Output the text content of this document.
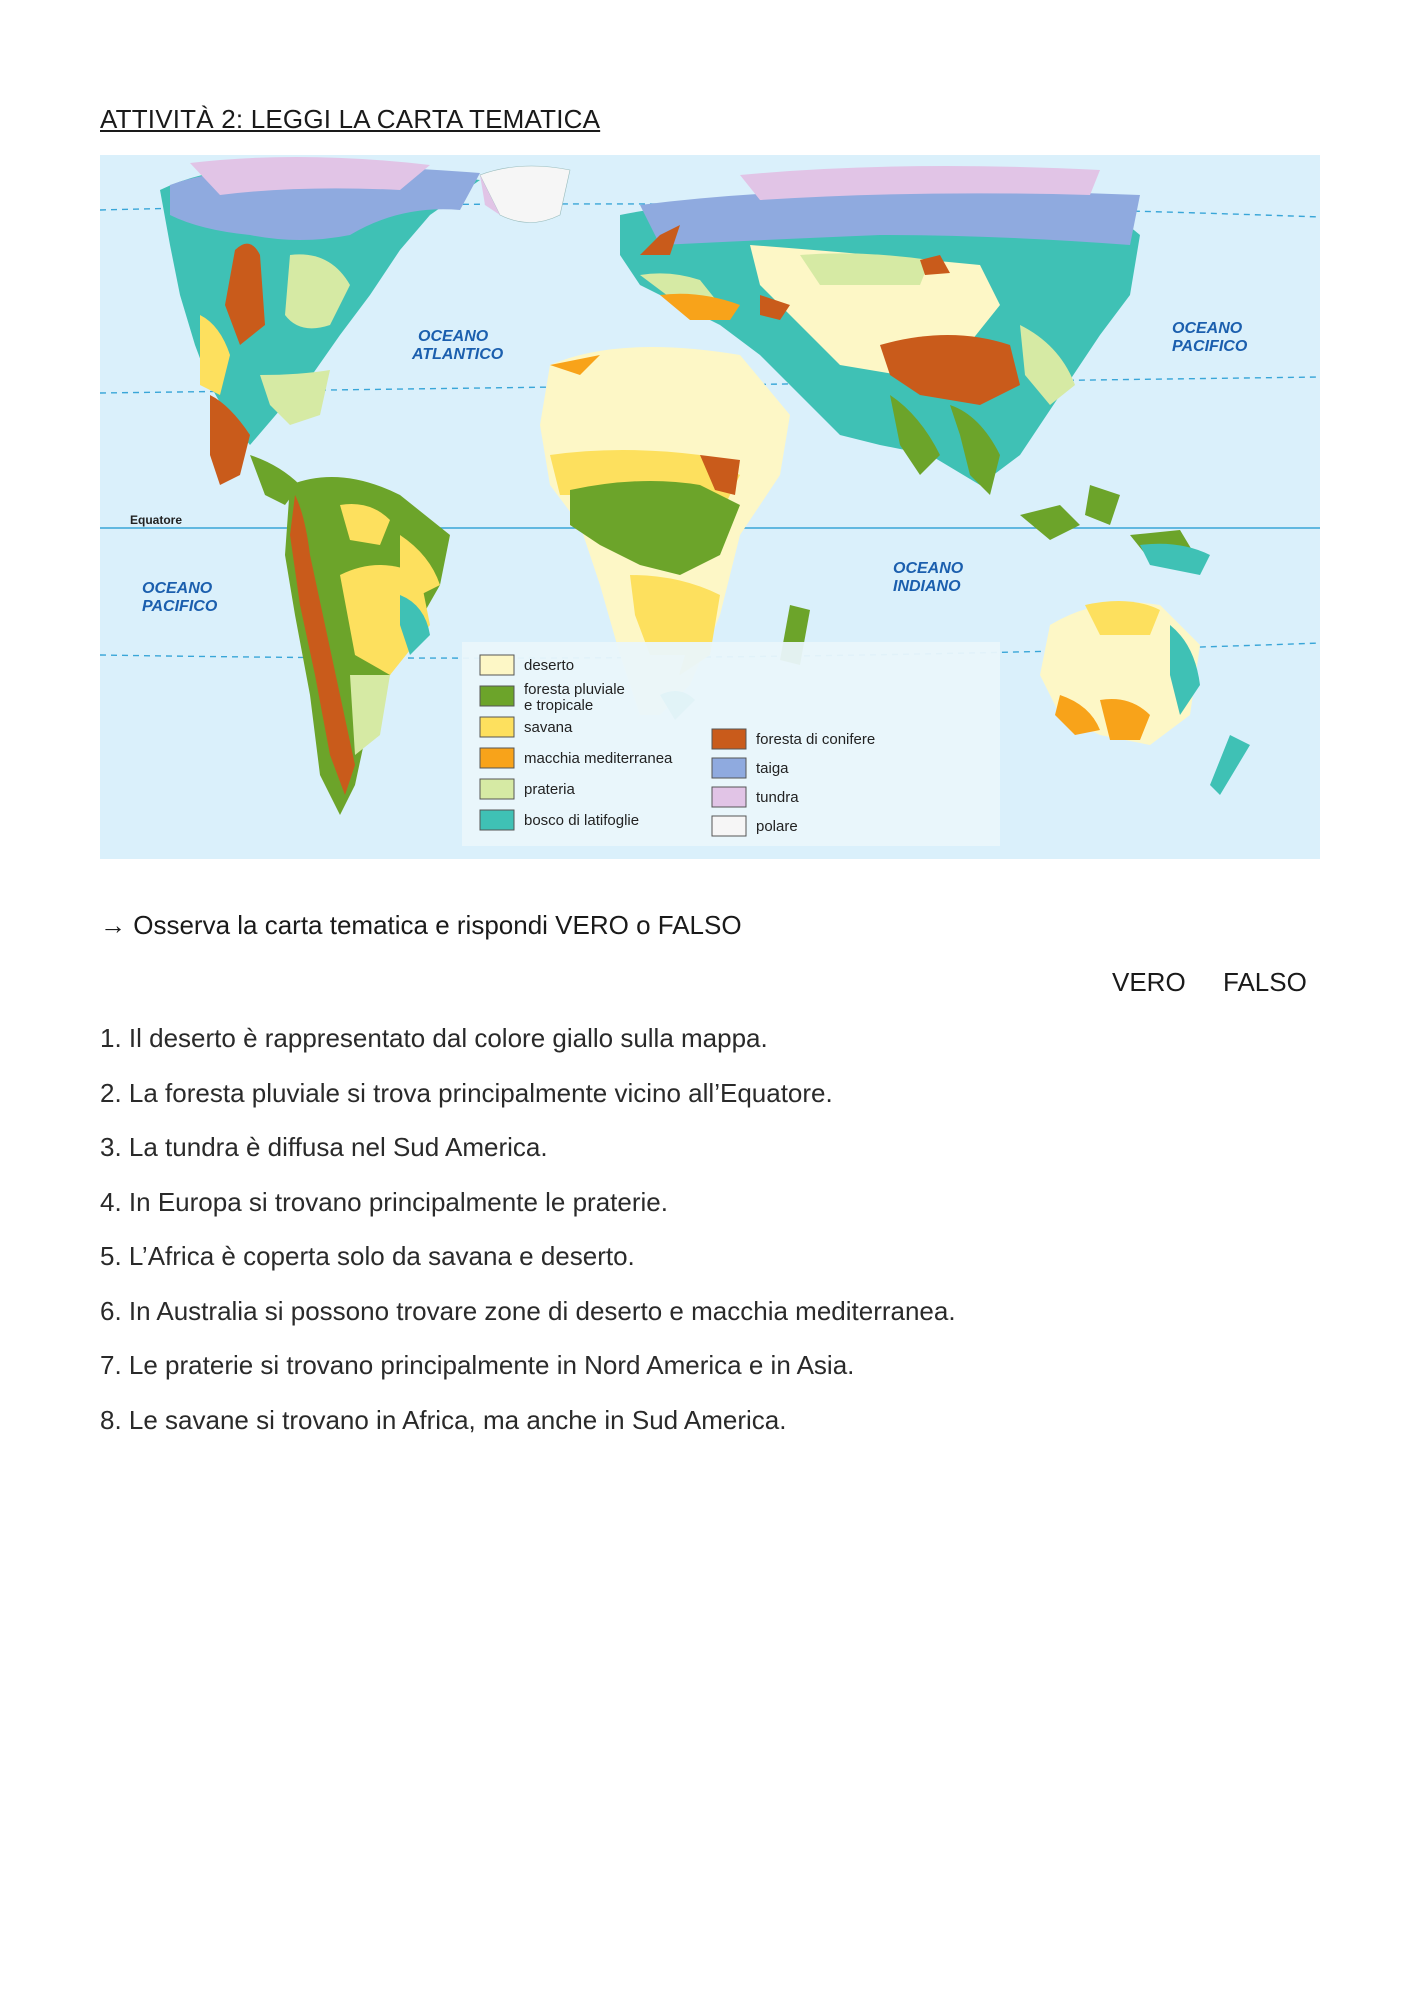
ATTIVITÀ 2: LEGGI LA CARTA TEMATICA
OCEANO
ATLANTICO
OCEANO
PACIFICO
OCEANO
PACIFICO
OCEANO
INDIANO
Equatore
deserto
foresta pluviale
e tropicale
savana
macchia mediterranea
prateria
bosco di latifoglie
foresta di conifere
taiga
tundra
polare
→ Osserva la carta tematica e rispondi VERO o FALSO
VERO FALSO
1. Il deserto è rappresentato dal colore giallo sulla mappa.
2. La foresta pluviale si trova principalmente vicino all’Equatore.
3. La tundra è diffusa nel Sud America.
4. In Europa si trovano principalmente le praterie.
5. L’Africa è coperta solo da savana e deserto.
6. In Australia si possono trovare zone di deserto e macchia mediterranea.
7. Le praterie si trovano principalmente in Nord America e in Asia.
8. Le savane si trovano in Africa, ma anche in Sud America.
